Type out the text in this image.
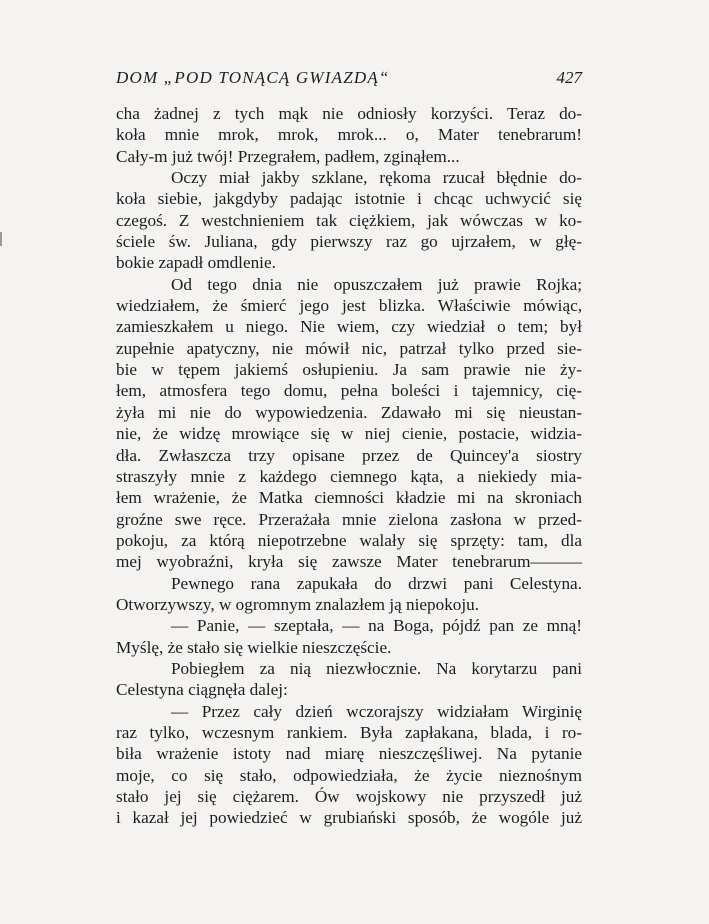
DOM „POD TONĄCĄ GWIAZDĄ“	427
cha żadnej z tych mąk nie odniosły korzyści. Teraz do-
koła mnie mrok, mrok, mrok... o, Mater tenebrarum!
Cały-m już twój! Przegrałem, padłem, zginąłem...
Oczy miał jakby szklane, rękoma rzucał błędnie do-
koła siebie, jakgdyby padając istotnie i chcąc uchwycić się
czegoś. Z westchnieniem tak ciężkiem, jak wówczas w ko-
ściele św. Juliana, gdy pierwszy raz go ujrzałem, w głę-
bokie zapadł omdlenie.
Od tego dnia nie opuszczałem już prawie Rojka;
wiedziałem, że śmierć jego jest blizka. Właściwie mówiąc,
zamieszkałem u niego. Nie wiem, czy wiedział o tem; był
zupełnie apatyczny, nie mówił nic, patrzał tylko przed sie-
bie w tępem jakiemś osłupieniu. Ja sam prawie nie ży-
łem, atmosfera tego domu, pełna boleści i tajemnicy, cię-
żyła mi nie do wypowiedzenia. Zdawało mi się nieustan-
nie, że widzę mrowiące się w niej cienie, postacie, widzia-
dła. Zwłaszcza trzy opisane przez de Quincey'a siostry
straszyły mnie z każdego ciemnego kąta, a niekiedy mia-
łem wrażenie, że Matka ciemności kładzie mi na skroniach
groźne swe ręce. Przerażała mnie zielona zasłona w przed-
pokoju, za którą niepotrzebne walały się sprzęty: tam, dla
mej wyobraźni, kryła się zawsze Mater tenebrarum———
Pewnego rana zapukała do drzwi pani Celestyna.
Otworzywszy, w ogromnym znalazłem ją niepokoju.
— Panie, — szeptała, — na Boga, pójdź pan ze mną!
Myślę, że stało się wielkie nieszczęście.
Pobiegłem za nią niezwłocznie. Na korytarzu pani
Celestyna ciągnęła dalej:
— Przez cały dzień wczorajszy widziałam Wirginię
raz tylko, wczesnym rankiem. Była zapłakana, blada, i ro-
biła wrażenie istoty nad miarę nieszczęśliwej. Na pytanie
moje, co się stało, odpowiedziała, że życie nieznośnym
stało jej się ciężarem. Ów wojskowy nie przyszedł już
i kazał jej powiedzieć w grubiański sposób, że wogóle już
